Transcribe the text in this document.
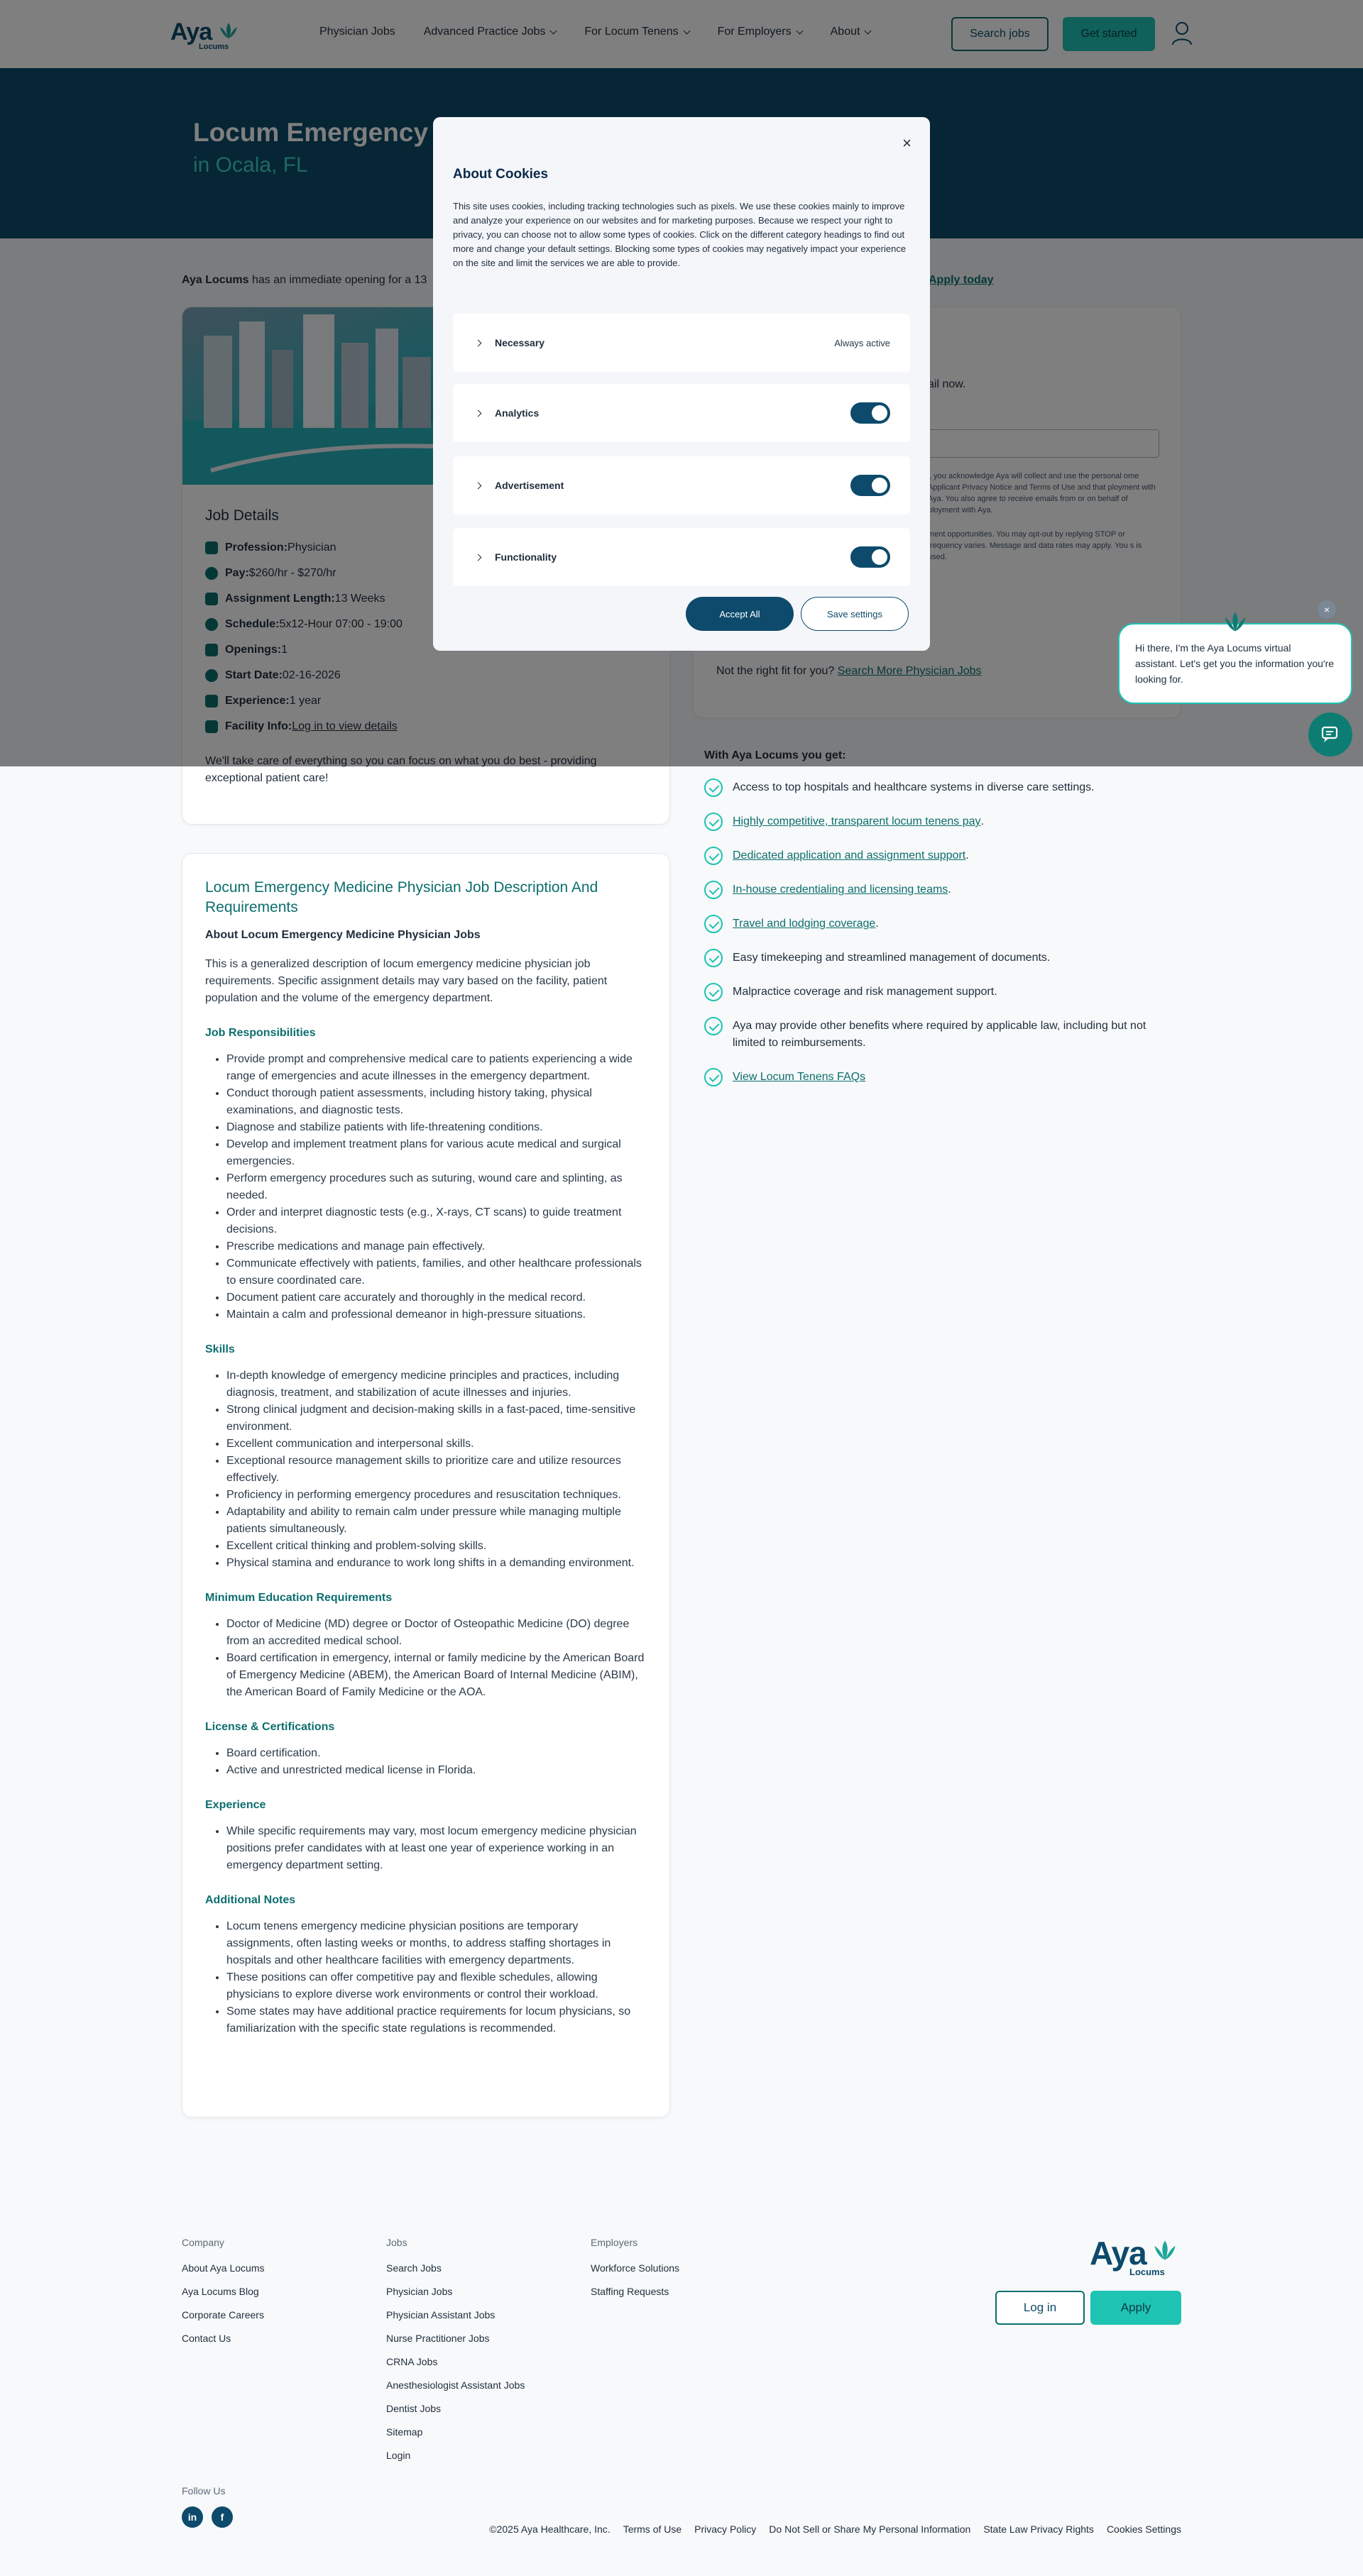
exceptional patient care!
Access to top hospitals and healthcare systems in diverse care settings.
Highly competitive, transparent locum tenens pay .
Dedicated application and assignment support .
In-house credentialing and licensing teams .
Travel and lodging coverage .
Easy timekeeping and streamlined management of documents.
Malpractice coverage and risk management support.
Aya may provide other benefits where required by applicable law, including but not limited to reimbursements.
View Locum Tenens FAQs
Locum Emergency Medicine Physician Job Description And Requirements
About Locum Emergency Medicine Physician Jobs
This is a generalized description of locum emergency medicine physician job requirements. Specific assignment details may vary based on the facility, patient population and the volume of the emergency department.
Job Responsibilities
• Provide prompt and comprehensive medical care to patients experiencing a wide range of emergencies and acute illnesses in the emergency department.
• Conduct thorough patient assessments, including history taking, physical examinations, and diagnostic tests.
• Diagnose and stabilize patients with life-threatening conditions.
• Develop and implement treatment plans for various acute medical and surgical emergencies.
• Perform emergency procedures such as suturing, wound care and splinting, as needed.
• Order and interpret diagnostic tests (e.g., X-rays, CT scans) to guide treatment decisions.
• Prescribe medications and manage pain effectively.
• Communicate effectively with patients, families, and other healthcare professionals to ensure coordinated care.
• Document patient care accurately and thoroughly in the medical record.
• Maintain a calm and professional demeanor in high-pressure situations.
Skills
• In-depth knowledge of emergency medicine principles and practices, including diagnosis, treatment, and stabilization of acute illnesses and injuries.
• Strong clinical judgment and decision-making skills in a fast-paced, time-sensitive environment.
• Excellent communication and interpersonal skills.
• Exceptional resource management skills to prioritize care and utilize resources effectively.
• Proficiency in performing emergency procedures and resuscitation techniques.
• Adaptability and ability to remain calm under pressure while managing multiple patients simultaneously.
• Excellent critical thinking and problem-solving skills.
• Physical stamina and endurance to work long shifts in a demanding environment.
Minimum Education Requirements
• Doctor of Medicine (MD) degree or Doctor of Osteopathic Medicine (DO) degree from an accredited medical school.
• Board certification in emergency, internal or family medicine by the American Board of Emergency Medicine (ABEM), the American Board of Internal Medicine (ABIM), the American Board of Family Medicine or the AOA.
License & Certifications
• Board certification.
• Active and unrestricted medical license in Florida.
Experience
• While specific requirements may vary, most locum emergency medicine physician positions prefer candidates with at least one year of experience working in an emergency department setting.
Additional Notes
• Locum tenens emergency medicine physician positions are temporary assignments, often lasting weeks or months, to address staffing shortages in hospitals and other healthcare facilities with emergency departments.
• These positions can offer competitive pay and flexible schedules, allowing physicians to explore diverse work environments or control their workload.
• Some states may have additional practice requirements for locum physicians, so familiarization with the specific state regulations is recommended.
Company
About Aya Locums
Aya Locums Blog
Corporate Careers
Contact Us
Jobs
Search Jobs
Physician Jobs
Physician Assistant Jobs
Nurse Practitioner Jobs
CRNA Jobs
Anesthesiologist Assistant Jobs
Dentist Jobs
Sitemap
Login
Employers
Workforce Solutions
Staffing Requests
Aya
Locums
Log in	Apply
Follow Us
in	f
©2025 Aya Healthcare, Inc. Terms of Use Privacy Policy Do Not Sell or Share My Personal Information State Law Privacy Rights Cookies Settings
×
About Cookies
This site uses cookies, including tracking technologies such as pixels. We use these cookies mainly to improve and analyze your experience on our websites and for marketing purposes. Because we respect your right to privacy, you can choose not to allow some types of cookies. Click on the different category headings to find out more and change your default settings. Blocking some types of cookies may negatively impact your experience on the site and limit the services we are able to provide.
Necessary	Always active
Analytics
Advertisement
Functionality
Accept All	Save settings
Hi there, I'm the Aya Locums virtual assistant. Let's get you the information you're looking for.
×
